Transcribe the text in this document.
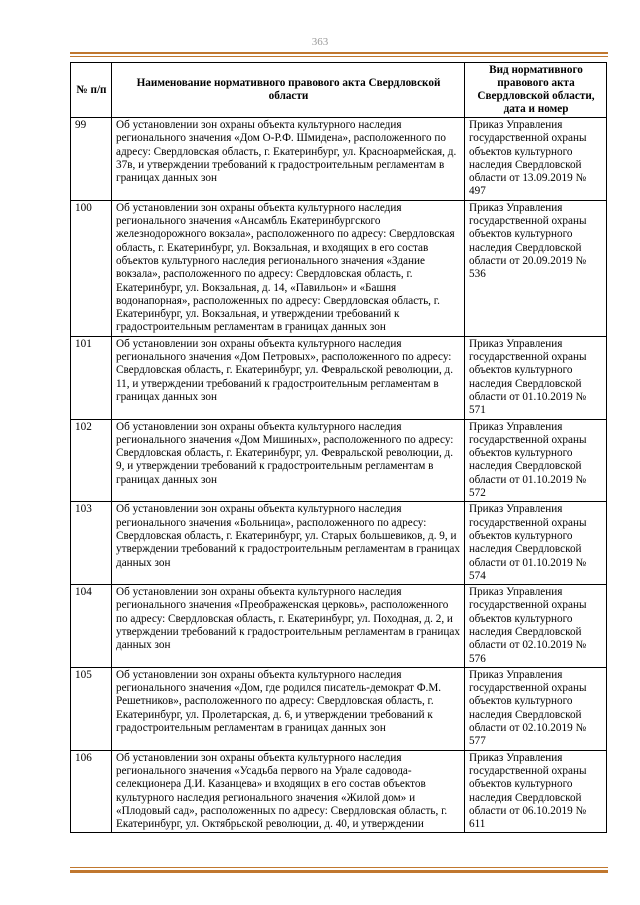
363
№ п/п	Наименование нормативного правового акта Свердловской области	Вид нормативного правового акта Свердловской области, дата и номер
99	Об установлении зон охраны объекта культурного наследия регионального значения «Дом О-Р.Ф. Шмидена», расположенного по адресу: Свердловская область, г. Екатеринбург, ул. Красноармейская, д. 37в, и утверждении требований к градостроительным регламентам в границах данных зон	Приказ Управления государственной охраны объектов культурного наследия Свердловской области от 13.09.2019 № 497
100	Об установлении зон охраны объекта культурного наследия регионального значения «Ансамбль Екатеринбургского железнодорожного вокзала», расположенного по адресу: Свердловская область, г. Екатеринбург, ул. Вокзальная, и входящих в его состав объектов культурного наследия регионального значения «Здание вокзала», расположенного по адресу: Свердловская область, г. Екатеринбург, ул. Вокзальная, д. 14, «Павильон» и «Башня водонапорная», расположенных по адресу: Свердловская область, г. Екатеринбург, ул. Вокзальная, и утверждении требований к градостроительным регламентам в границах данных зон	Приказ Управления государственной охраны объектов культурного наследия Свердловской области от 20.09.2019 № 536
101	Об установлении зон охраны объекта культурного наследия регионального значения «Дом Петровых», расположенного по адресу: Свердловская область, г. Екатеринбург, ул. Февральской революции, д. 11, и утверждении требований к градостроительным регламентам в границах данных зон	Приказ Управления государственной охраны объектов культурного наследия Свердловской области от 01.10.2019 № 571
102	Об установлении зон охраны объекта культурного наследия регионального значения «Дом Мишиных», расположенного по адресу: Свердловская область, г. Екатеринбург, ул. Февральской революции, д. 9, и утверждении требований к градостроительным регламентам в границах данных зон	Приказ Управления государственной охраны объектов культурного наследия Свердловской области от 01.10.2019 № 572
103	Об установлении зон охраны объекта культурного наследия регионального значения «Больница», расположенного по адресу: Свердловская область, г. Екатеринбург, ул. Старых большевиков, д. 9, и утверждении требований к градостроительным регламентам в границах данных зон	Приказ Управления государственной охраны объектов культурного наследия Свердловской области от 01.10.2019 № 574
104	Об установлении зон охраны объекта культурного наследия регионального значения «Преображенская церковь», расположенного по адресу: Свердловская область, г. Екатеринбург, ул. Походная, д. 2, и утверждении требований к градостроительным регламентам в границах данных зон	Приказ Управления государственной охраны объектов культурного наследия Свердловской области от 02.10.2019 № 576
105	Об установлении зон охраны объекта культурного наследия регионального значения «Дом, где родился писатель-демократ Ф.М. Решетников», расположенного по адресу: Свердловская область, г. Екатеринбург, ул. Пролетарская, д. 6, и утверждении требований к градостроительным регламентам в границах данных зон	Приказ Управления государственной охраны объектов культурного наследия Свердловской области от 02.10.2019 № 577
106	Об установлении зон охраны объекта культурного наследия регионального значения «Усадьба первого на Урале садовода-селекционера Д.И. Казанцева» и входящих в его состав объектов культурного наследия регионального значения «Жилой дом» и «Плодовый сад», расположенных по адресу: Свердловская область, г. Екатеринбург, ул. Октябрьской революции, д. 40, и утверждении	Приказ Управления государственной охраны объектов культурного наследия Свердловской области от 06.10.2019 № 611
